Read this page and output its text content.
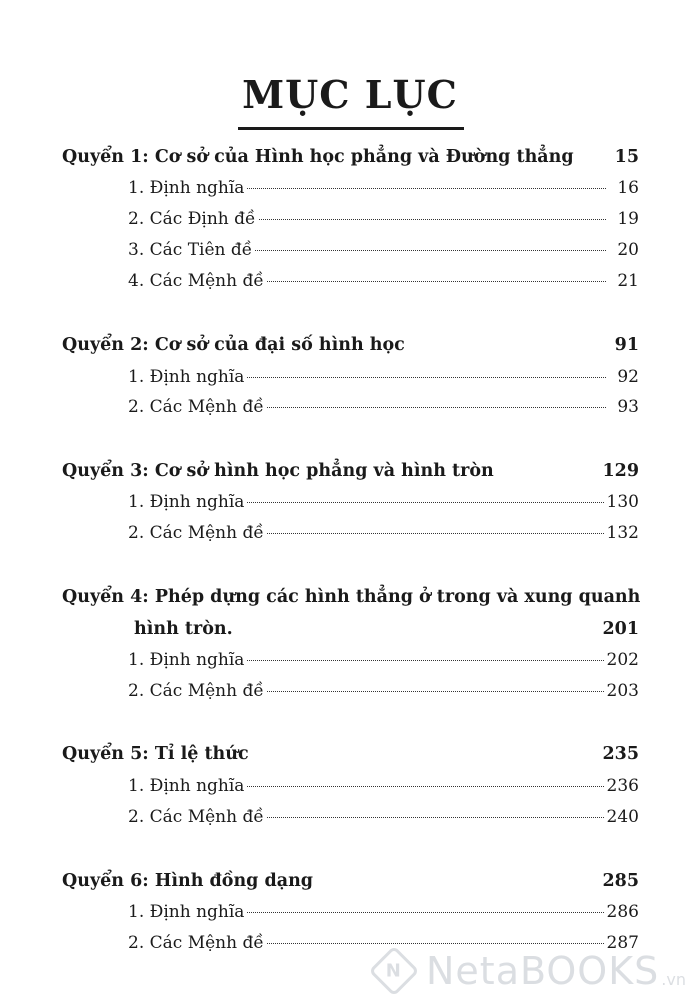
MỤC LỤC
Quyển 1: Cơ sở của Hình học phẳng và Đường thẳng	15
1. Định nghĩa	16
2. Các Định đề	19
3. Các Tiên đề	20
4. Các Mệnh đề	21
Quyển 2: Cơ sở của đại số hình học	91
1. Định nghĩa	92
2. Các Mệnh đề	93
Quyển 3: Cơ sở hình học phẳng và hình tròn	129
1. Định nghĩa	130
2. Các Mệnh đề	132
Quyển 4: Phép dựng các hình thẳng ở trong và xung quanh
hình tròn.	201
1. Định nghĩa	202
2. Các Mệnh đề	203
Quyển 5: Tỉ lệ thức	235
1. Định nghĩa	236
2. Các Mệnh đề	240
Quyển 6: Hình đồng dạng	285
1. Định nghĩa	286
2. Các Mệnh đề	287
N NetaBOOKS .vn
